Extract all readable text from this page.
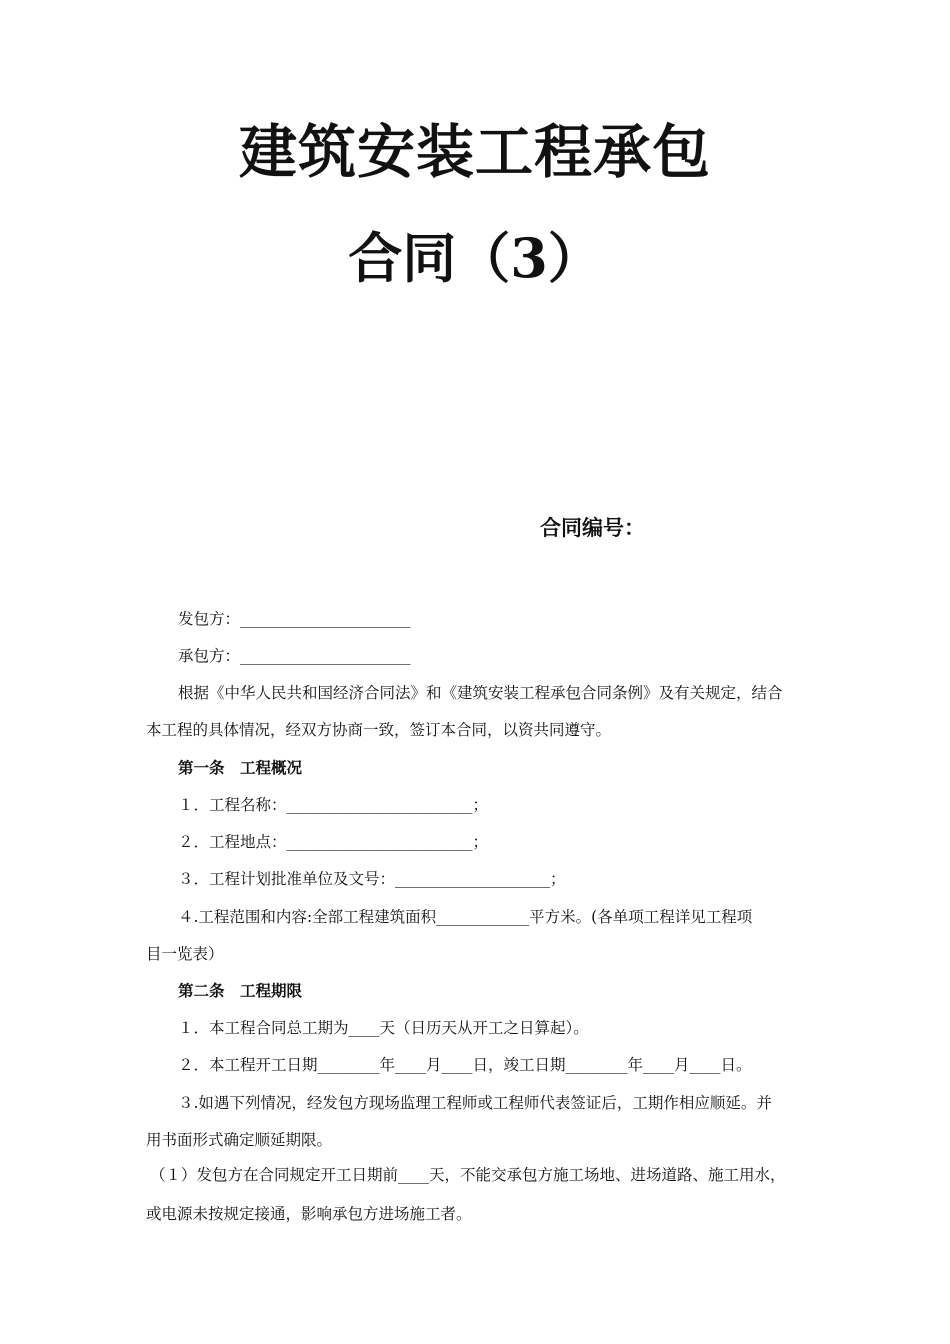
建筑安装工程承包
合同（3）
合同编号：
发包方：______________________
承包方：______________________
根据《中华人民共和国经济合同法》和《建筑安装工程承包合同条例》及有关规定，结合
本工程的具体情况，经双方协商一致，签订本合同，以资共同遵守。
第一条　工程概况
１．工程名称：________________________；
２．工程地点：________________________；
３．工程计划批准单位及文号：____________________；
４.工程范围和内容:全部工程建筑面积____________平方米。(各单项工程详见工程项
目一览表）
第二条　工程期限
１．本工程合同总工期为____天（日历天从开工之日算起）。
２．本工程开工日期________年____月____日，竣工日期________年____月____日。
３.如遇下列情况，经发包方现场监理工程师或工程师代表签证后，工期作相应顺延。并
用书面形式确定顺延期限。
（１）发包方在合同规定开工日期前____天，不能交承包方施工场地、进场道路、施工用水，
或电源未按规定接通，影响承包方进场施工者。
